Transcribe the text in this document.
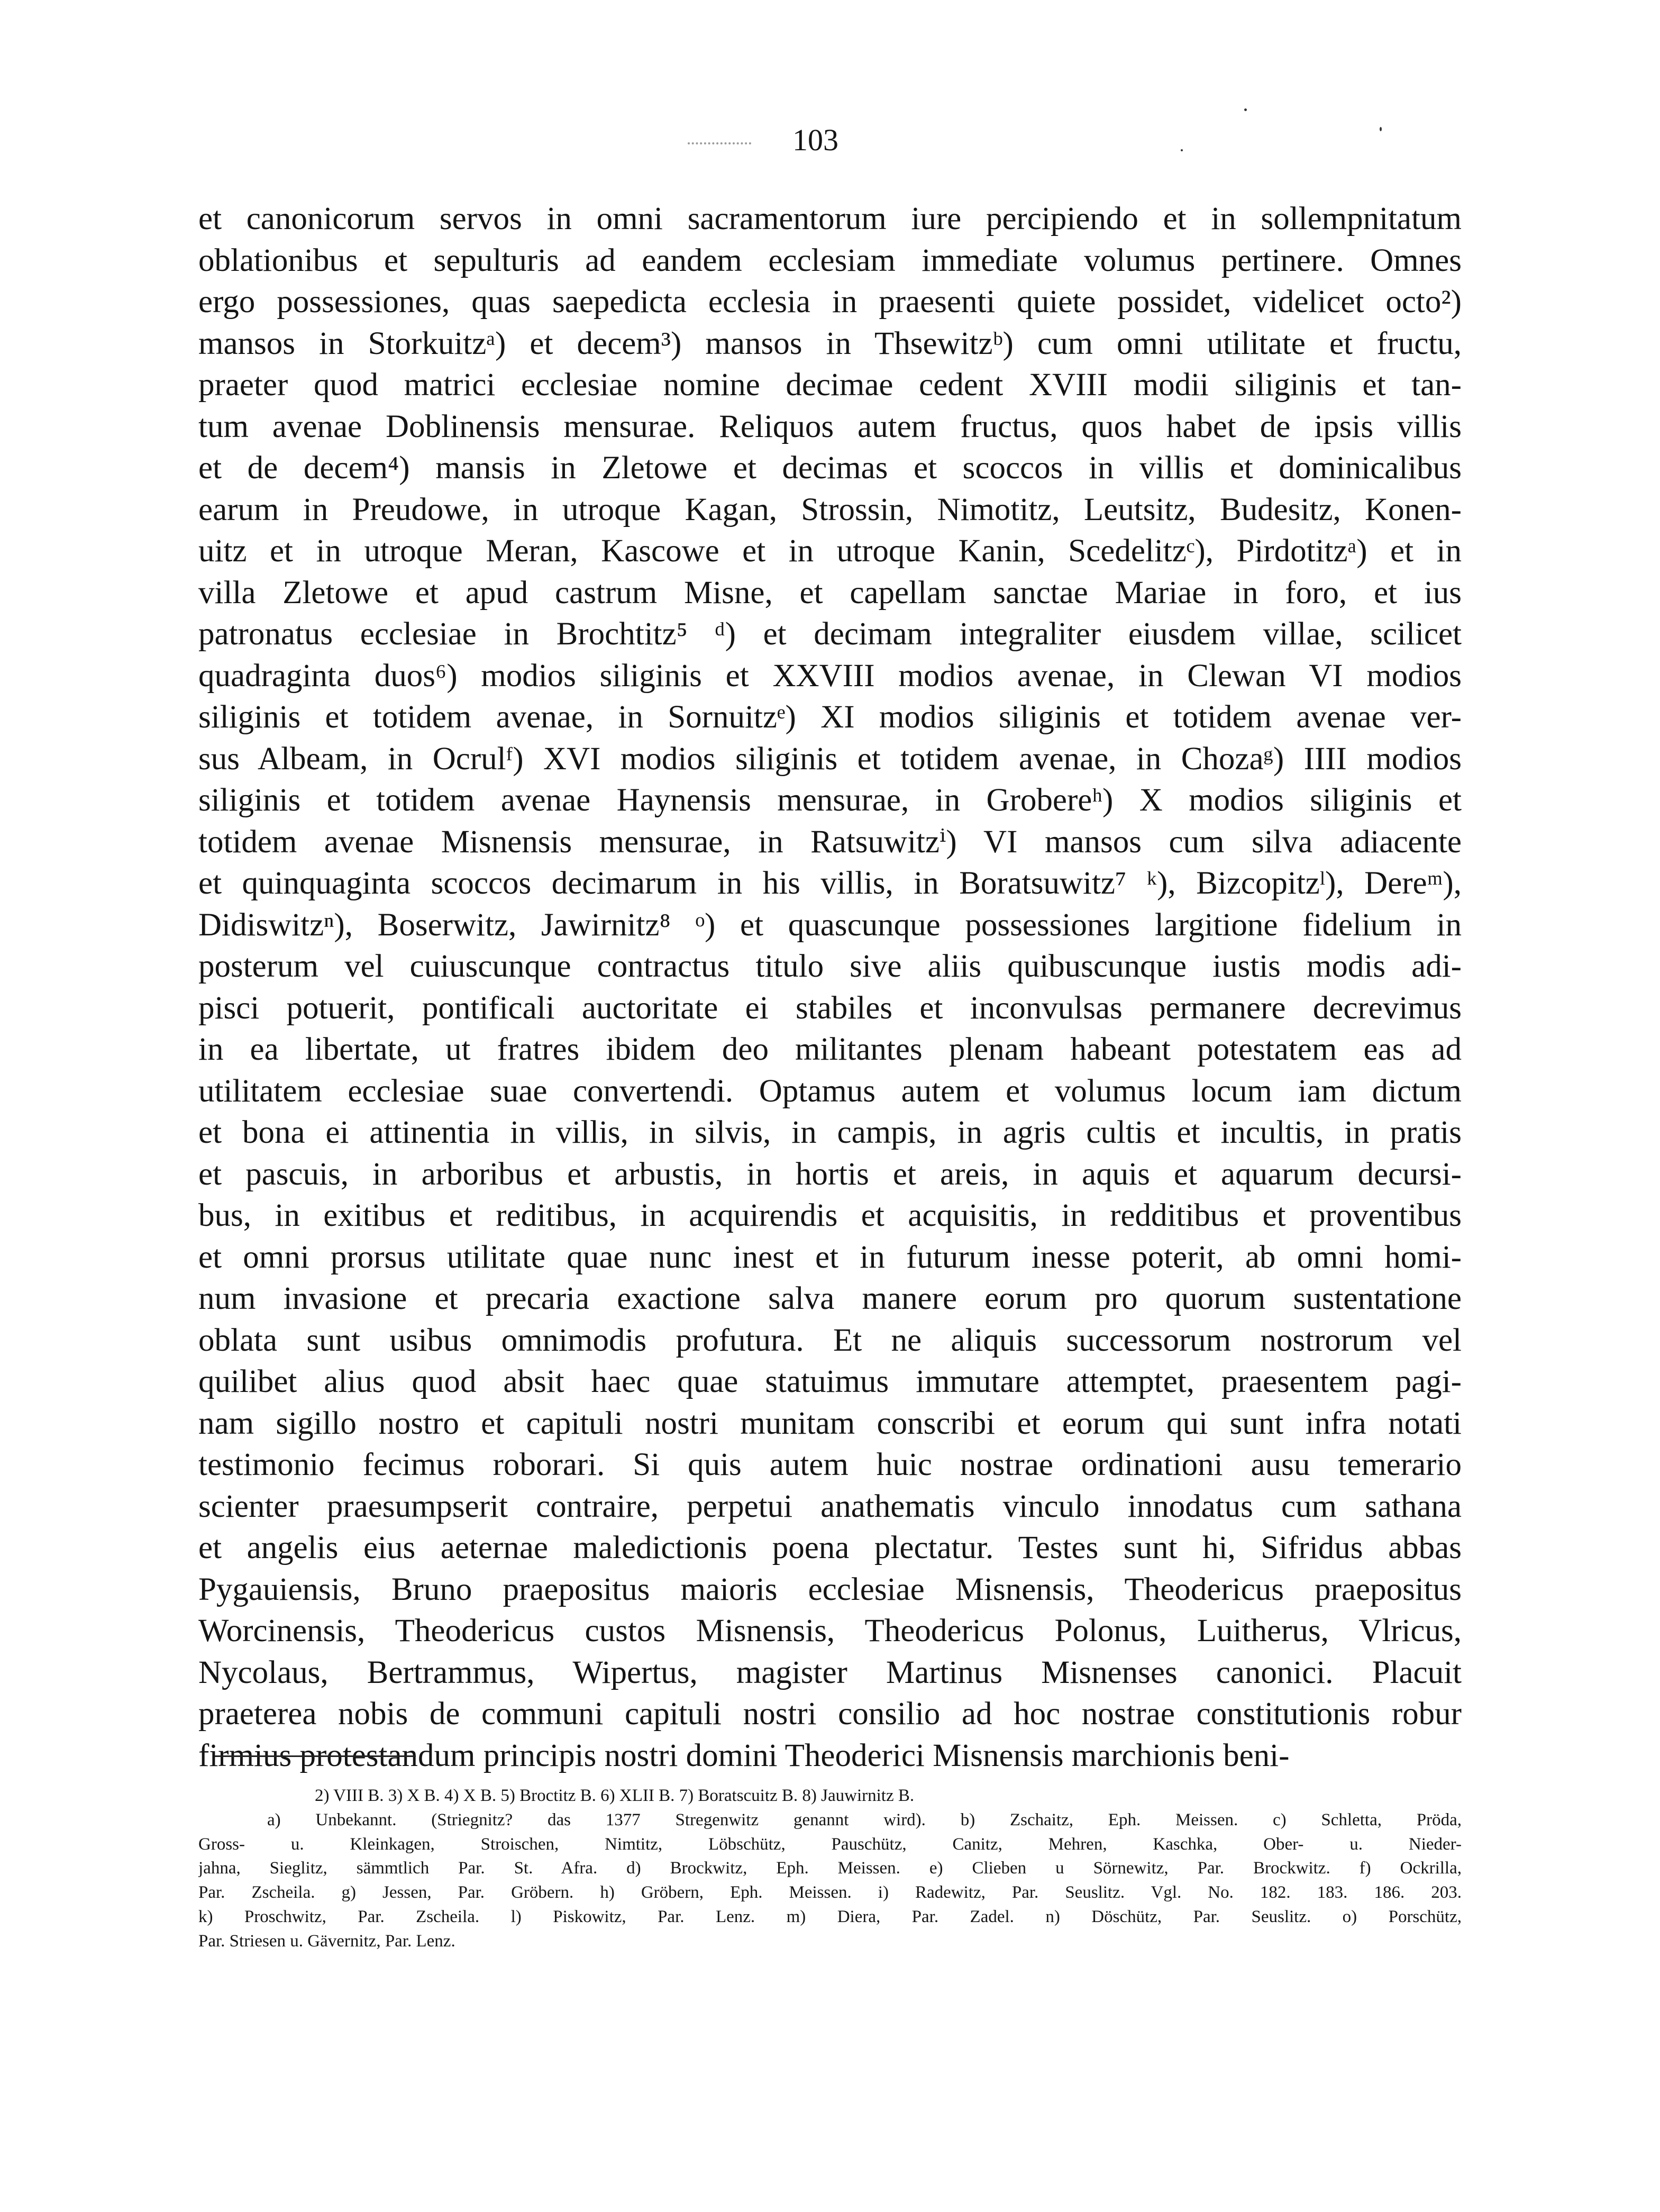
103
et canonicorum servos in omni sacramentorum iure percipiendo et in sollempnitatum
oblationibus et sepulturis ad eandem ecclesiam immediate volumus pertinere. Omnes
ergo possessiones, quas saepedicta ecclesia in praesenti quiete possidet, videlicet octo²)
mansos in Storkuitzᵃ) et decem³) mansos in Thsewitzᵇ) cum omni utilitate et fructu,
praeter quod matrici ecclesiae nomine decimae cedent XVIII modii siliginis et tan-
tum avenae Doblinensis mensurae. Reliquos autem fructus, quos habet de ipsis villis
et de decem⁴) mansis in Zletowe et decimas et scoccos in villis et dominicalibus
earum in Preudowe, in utroque Kagan, Strossin, Nimotitz, Leutsitz, Budesitz, Konen-
uitz et in utroque Meran, Kascowe et in utroque Kanin, Scedelitzᶜ), Pirdotitzᵃ) et in
villa Zletowe et apud castrum Misne, et capellam sanctae Mariae in foro, et ius
patronatus ecclesiae in Brochtitz⁵ ᵈ) et decimam integraliter eiusdem villae, scilicet
quadraginta duos⁶) modios siliginis et XXVIII modios avenae, in Clewan VI modios
siliginis et totidem avenae, in Sornuitzᵉ) XI modios siliginis et totidem avenae ver-
sus Albeam, in Ocrulᶠ) XVI modios siliginis et totidem avenae, in Chozaᵍ) IIII modios
siliginis et totidem avenae Haynensis mensurae, in Groberеʰ) X modios siliginis et
totidem avenae Misnensis mensurae, in Ratsuwitzⁱ) VI mansos cum silva adiacente
et quinquaginta scoccos decimarum in his villis, in Boratsuwitz⁷ ᵏ), Bizcopitzˡ), Dereᵐ),
Didiswitzⁿ), Boserwitz, Jawirnitz⁸ ᵒ) et quascunque possessiones largitione fidelium in
posterum vel cuiuscunque contractus titulo sive aliis quibuscunque iustis modis adi-
pisci potuerit, pontificali auctoritate ei stabiles et inconvulsas permanere decrevimus
in ea libertate, ut fratres ibidem deo militantes plenam habeant potestatem eas ad
utilitatem ecclesiae suae convertendi. Optamus autem et volumus locum iam dictum
et bona ei attinentia in villis, in silvis, in campis, in agris cultis et incultis, in pratis
et pascuis, in arboribus et arbustis, in hortis et areis, in aquis et aquarum decursi-
bus, in exitibus et reditibus, in acquirendis et acquisitis, in redditibus et proventibus
et omni prorsus utilitate quae nunc inest et in futurum inesse poterit, ab omni homi-
num invasione et precaria exactione salva manere eorum pro quorum sustentatione
oblata sunt usibus omnimodis profutura. Et ne aliquis successorum nostrorum vel
quilibet alius quod absit haec quae statuimus immutare attemptet, praesentem pagi-
nam sigillo nostro et capituli nostri munitam conscribi et eorum qui sunt infra notati
testimonio fecimus roborari. Si quis autem huic nostrae ordinationi ausu temerario
scienter praesumpserit contraire, perpetui anathematis vinculo innodatus cum sathana
et angelis eius aeternae maledictionis poena plectatur. Testes sunt hi, Sifridus abbas
Pygauiensis, Bruno praepositus maioris ecclesiae Misnensis, Theodericus praepositus
Worcinensis, Theodericus custos Misnensis, Theodericus Polonus, Luitherus, Vlricus,
Nycolaus, Bertrammus, Wipertus, magister Martinus Misnenses canonici. Placuit
praeterea nobis de communi capituli nostri consilio ad hoc nostrae constitutionis robur
firmius protestandum principis nostri domini Theoderici Misnensis marchionis beni-
2) VIII B. 3) X B. 4) X B. 5) Broctitz B. 6) XLII B. 7) Boratscuitz B. 8) Jauwirnitz B.
a) Unbekannt. (Striegnitz? das 1377 Stregenwitz genannt wird). b) Zschaitz, Eph. Meissen. c) Schletta, Pröda,
Gross- u. Kleinkagen, Stroischen, Nimtitz, Löbschütz, Pauschütz, Canitz, Mehren, Kaschka, Ober- u. Nieder-
jahna, Sieglitz, sämmtlich Par. St. Afra. d) Brockwitz, Eph. Meissen. e) Clieben u Sörnewitz, Par. Brockwitz. f) Ockrilla,
Par. Zscheila. g) Jessen, Par. Gröbern. h) Gröbern, Eph. Meissen. i) Radewitz, Par. Seuslitz. Vgl. No. 182. 183. 186. 203.
k) Proschwitz, Par. Zscheila. l) Piskowitz, Par. Lenz. m) Diera, Par. Zadel. n) Döschütz, Par. Seuslitz. o) Porschütz,
Par. Striesen u. Gävernitz, Par. Lenz.
